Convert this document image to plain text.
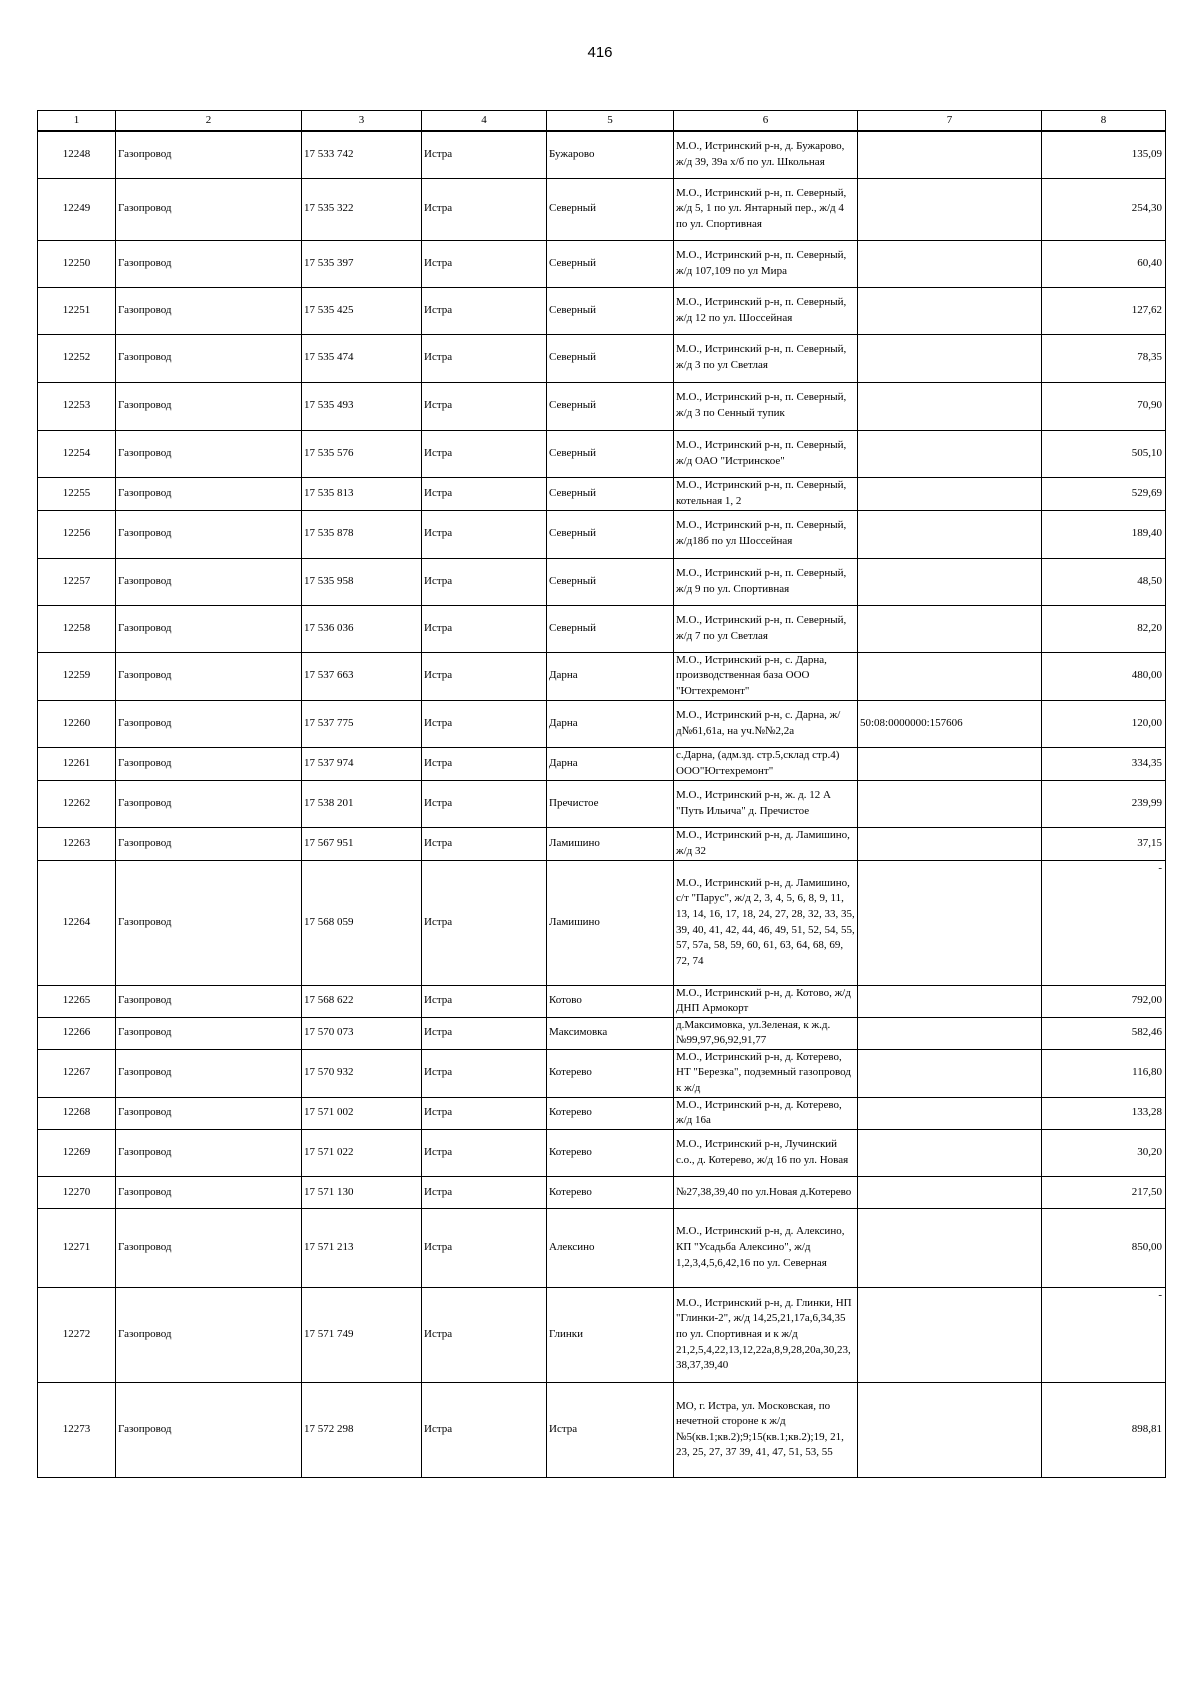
416
1	2	3	4	5	6	7	8
12248	Газопровод	17 533 742	Истра	Бужарово	М.О., Истринский р-н, д. Бужарово, ж/д 39, 39а х/б по ул. Школьная		135,09
12249	Газопровод	17 535 322	Истра	Северный	М.О., Истринский р-н, п. Северный, ж/д 5, 1 по ул. Янтарный пер., ж/д 4 по ул. Спортивная		254,30
12250	Газопровод	17 535 397	Истра	Северный	М.О., Истринский р-н, п. Северный, ж/д 107,109 по ул Мира		60,40
12251	Газопровод	17 535 425	Истра	Северный	М.О., Истринский р-н, п. Северный, ж/д 12 по ул. Шоссейная		127,62
12252	Газопровод	17 535 474	Истра	Северный	М.О., Истринский р-н, п. Северный, ж/д 3 по ул Светлая		78,35
12253	Газопровод	17 535 493	Истра	Северный	М.О., Истринский р-н, п. Северный, ж/д 3 по Сенный тупик		70,90
12254	Газопровод	17 535 576	Истра	Северный	М.О., Истринский р-н, п. Северный, ж/д ОАО "Истринское"		505,10
12255	Газопровод	17 535 813	Истра	Северный	М.О., Истринский р-н, п. Северный, котельная 1, 2		529,69
12256	Газопровод	17 535 878	Истра	Северный	М.О., Истринский р-н, п. Северный, ж/д18б по ул Шоссейная		189,40
12257	Газопровод	17 535 958	Истра	Северный	М.О., Истринский р-н, п. Северный, ж/д 9 по ул. Спортивная		48,50
12258	Газопровод	17 536 036	Истра	Северный	М.О., Истринский р-н, п. Северный, ж/д 7 по ул Светлая		82,20
12259	Газопровод	17 537 663	Истра	Дарна	М.О., Истринский р-н, с. Дарна, производственная база ООО "Югтехремонт"		480,00
12260	Газопровод	17 537 775	Истра	Дарна	М.О., Истринский р-н, с. Дарна, ж/д№61,61а, на уч.№№2,2а	50:08:0000000:157606	120,00
12261	Газопровод	17 537 974	Истра	Дарна	с.Дарна, (адм.зд. стр.5,склад стр.4) ООО"Югтехремонт"		334,35
12262	Газопровод	17 538 201	Истра	Пречистое	М.О., Истринский р-н, ж. д. 12 А "Путь Ильича" д. Пречистое		239,99
12263	Газопровод	17 567 951	Истра	Ламишино	М.О., Истринский р-н, д. Ламишино, ж/д 32		37,15
12264	Газопровод	17 568 059	Истра	Ламишино	М.О., Истринский р-н, д. Ламишино, с/т "Парус", ж/д 2, 3, 4, 5, 6, 8, 9, 11, 13, 14, 16, 17, 18, 24, 27, 28, 32, 33, 35, 39, 40, 41, 42, 44, 46, 49, 51, 52, 54, 55, 57, 57а, 58, 59, 60, 61, 63, 64, 68, 69, 72, 74		-
12265	Газопровод	17 568 622	Истра	Котово	М.О., Истринский р-н, д. Котово, ж/д ДНП Армокорт		792,00
12266	Газопровод	17 570 073	Истра	Максимовка	д.Максимовка, ул.Зеленая, к ж.д.№99,97,96,92,91,77		582,46
12267	Газопровод	17 570 932	Истра	Котерево	М.О., Истринский р-н, д. Котерево, НТ "Березка", подземный газопровод к ж/д		116,80
12268	Газопровод	17 571 002	Истра	Котерево	М.О., Истринский р-н, д. Котерево, ж/д 16а		133,28
12269	Газопровод	17 571 022	Истра	Котерево	М.О., Истринский р-н, Лучинский с.о., д. Котерево, ж/д 16 по ул. Новая		30,20
12270	Газопровод	17 571 130	Истра	Котерево	№27,38,39,40 по ул.Новая д.Котерево		217,50
12271	Газопровод	17 571 213	Истра	Алексино	М.О., Истринский р-н, д. Алексино, КП "Усадьба Алексино", ж/д 1,2,3,4,5,6,42,16 по ул. Северная		850,00
12272	Газопровод	17 571 749	Истра	Глинки	М.О., Истринский р-н, д. Глинки, НП "Глинки-2", ж/д 14,25,21,17а,6,34,35 по ул. Спортивная и к ж/д 21,2,5,4,22,13,12,22а,8,9,28,20а,30,23,38,37,39,40		-
12273	Газопровод	17 572 298	Истра	Истра	МО, г. Истра, ул. Московская, по нечетной стороне к ж/д №5(кв.1;кв.2);9;15(кв.1;кв.2);19, 21, 23, 25, 27, 37 39, 41, 47, 51, 53, 55		898,81
